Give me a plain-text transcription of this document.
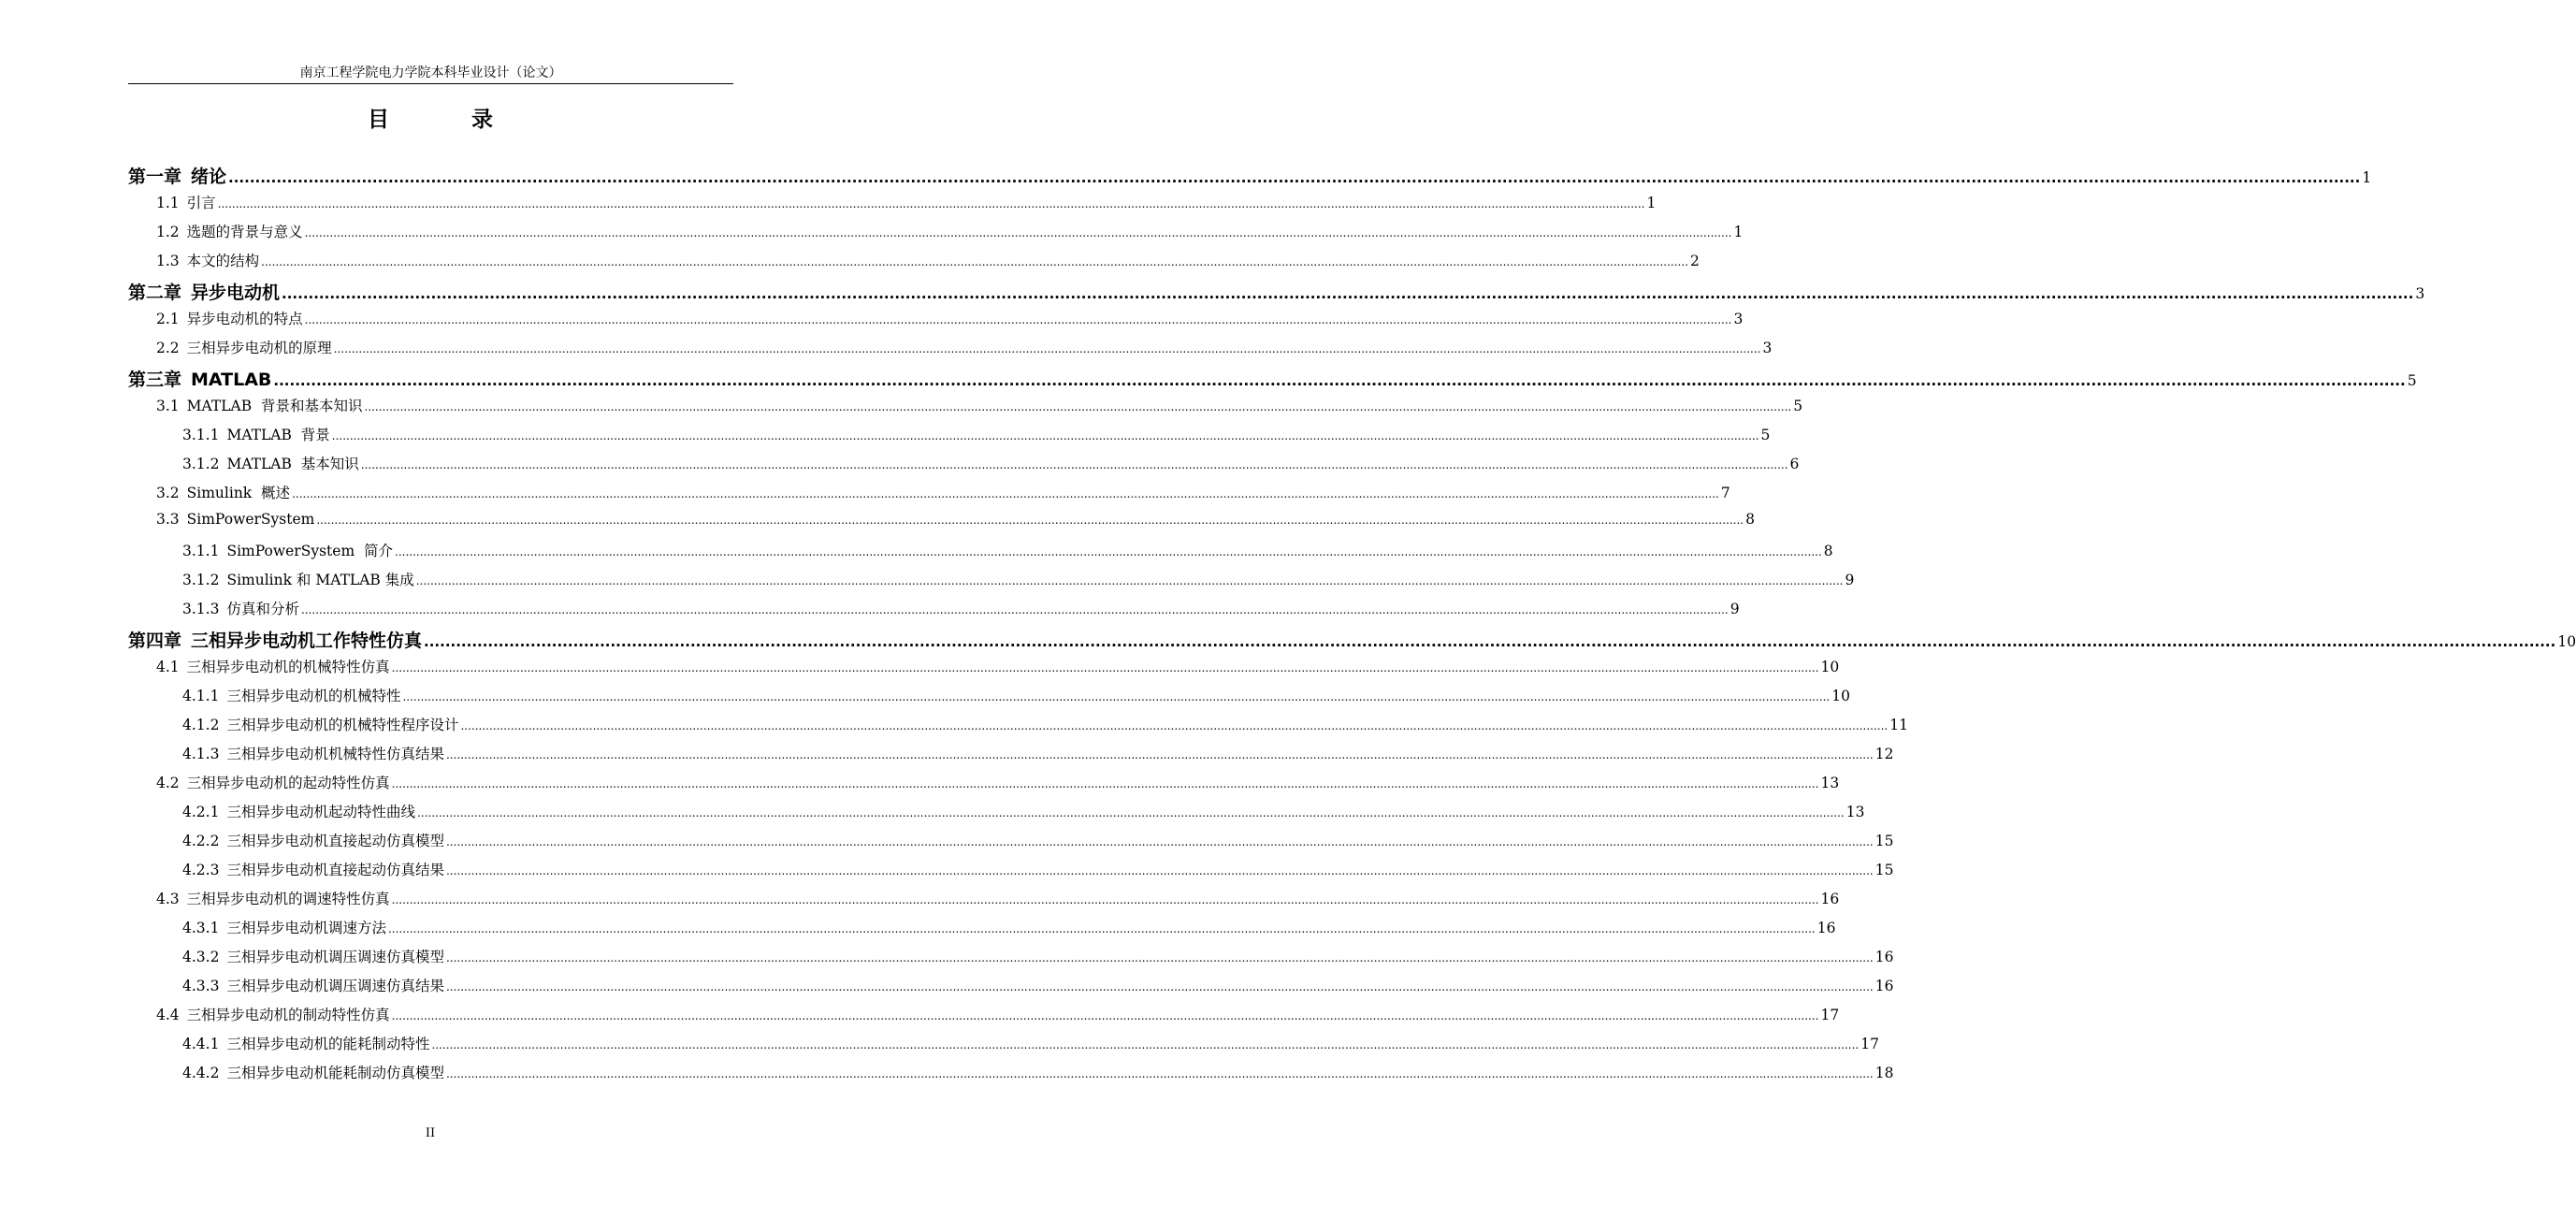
南京工程学院电力学院本科毕业设计（论文）
目 录
第一章 绪论 ................................................................................................................................................................................................................................................................................................................................................................................................................ 1
1.1 引言 ................................................................................................................................................................................................................................................................................................................................................................................................................ 1
1.2 选题的背景与意义 ................................................................................................................................................................................................................................................................................................................................................................................................................ 1
1.3 本文的结构 ................................................................................................................................................................................................................................................................................................................................................................................................................ 2
第二章 异步电动机 ................................................................................................................................................................................................................................................................................................................................................................................................................ 3
2.1 异步电动机的特点 ................................................................................................................................................................................................................................................................................................................................................................................................................ 3
2.2 三相异步电动机的原理 ................................................................................................................................................................................................................................................................................................................................................................................................................ 3
第三章 MATLAB ................................................................................................................................................................................................................................................................................................................................................................................................................ 5
3.1 MATLAB  背景和基本知识 ................................................................................................................................................................................................................................................................................................................................................................................................................ 5
3.1.1 MATLAB  背景 ................................................................................................................................................................................................................................................................................................................................................................................................................ 5
3.1.2 MATLAB  基本知识 ................................................................................................................................................................................................................................................................................................................................................................................................................ 6
3.2 Simulink  概述 ................................................................................................................................................................................................................................................................................................................................................................................................................ 7
3.3 SimPowerSystem ................................................................................................................................................................................................................................................................................................................................................................................................................ 8
3.1.1 SimPowerSystem  简介 ................................................................................................................................................................................................................................................................................................................................................................................................................ 8
3.1.2 Simulink 和 MATLAB 集成 ................................................................................................................................................................................................................................................................................................................................................................................................................ 9
3.1.3 仿真和分析 ................................................................................................................................................................................................................................................................................................................................................................................................................ 9
第四章 三相异步电动机工作特性仿真 ................................................................................................................................................................................................................................................................................................................................................................................................................ 10
4.1 三相异步电动机的机械特性仿真 ................................................................................................................................................................................................................................................................................................................................................................................................................ 10
4.1.1 三相异步电动机的机械特性 ................................................................................................................................................................................................................................................................................................................................................................................................................ 10
4.1.2 三相异步电动机的机械特性程序设计 ................................................................................................................................................................................................................................................................................................................................................................................................................ 11
4.1.3 三相异步电动机机械特性仿真结果 ................................................................................................................................................................................................................................................................................................................................................................................................................ 12
4.2 三相异步电动机的起动特性仿真 ................................................................................................................................................................................................................................................................................................................................................................................................................ 13
4.2.1 三相异步电动机起动特性曲线 ................................................................................................................................................................................................................................................................................................................................................................................................................ 13
4.2.2 三相异步电动机直接起动仿真模型 ................................................................................................................................................................................................................................................................................................................................................................................................................ 15
4.2.3 三相异步电动机直接起动仿真结果 ................................................................................................................................................................................................................................................................................................................................................................................................................ 15
4.3 三相异步电动机的调速特性仿真 ................................................................................................................................................................................................................................................................................................................................................................................................................ 16
4.3.1 三相异步电动机调速方法 ................................................................................................................................................................................................................................................................................................................................................................................................................ 16
4.3.2 三相异步电动机调压调速仿真模型 ................................................................................................................................................................................................................................................................................................................................................................................................................ 16
4.3.3 三相异步电动机调压调速仿真结果 ................................................................................................................................................................................................................................................................................................................................................................................................................ 16
4.4 三相异步电动机的制动特性仿真 ................................................................................................................................................................................................................................................................................................................................................................................................................ 17
4.4.1 三相异步电动机的能耗制动特性 ................................................................................................................................................................................................................................................................................................................................................................................................................ 17
4.4.2 三相异步电动机能耗制动仿真模型 ................................................................................................................................................................................................................................................................................................................................................................................................................ 18
II
